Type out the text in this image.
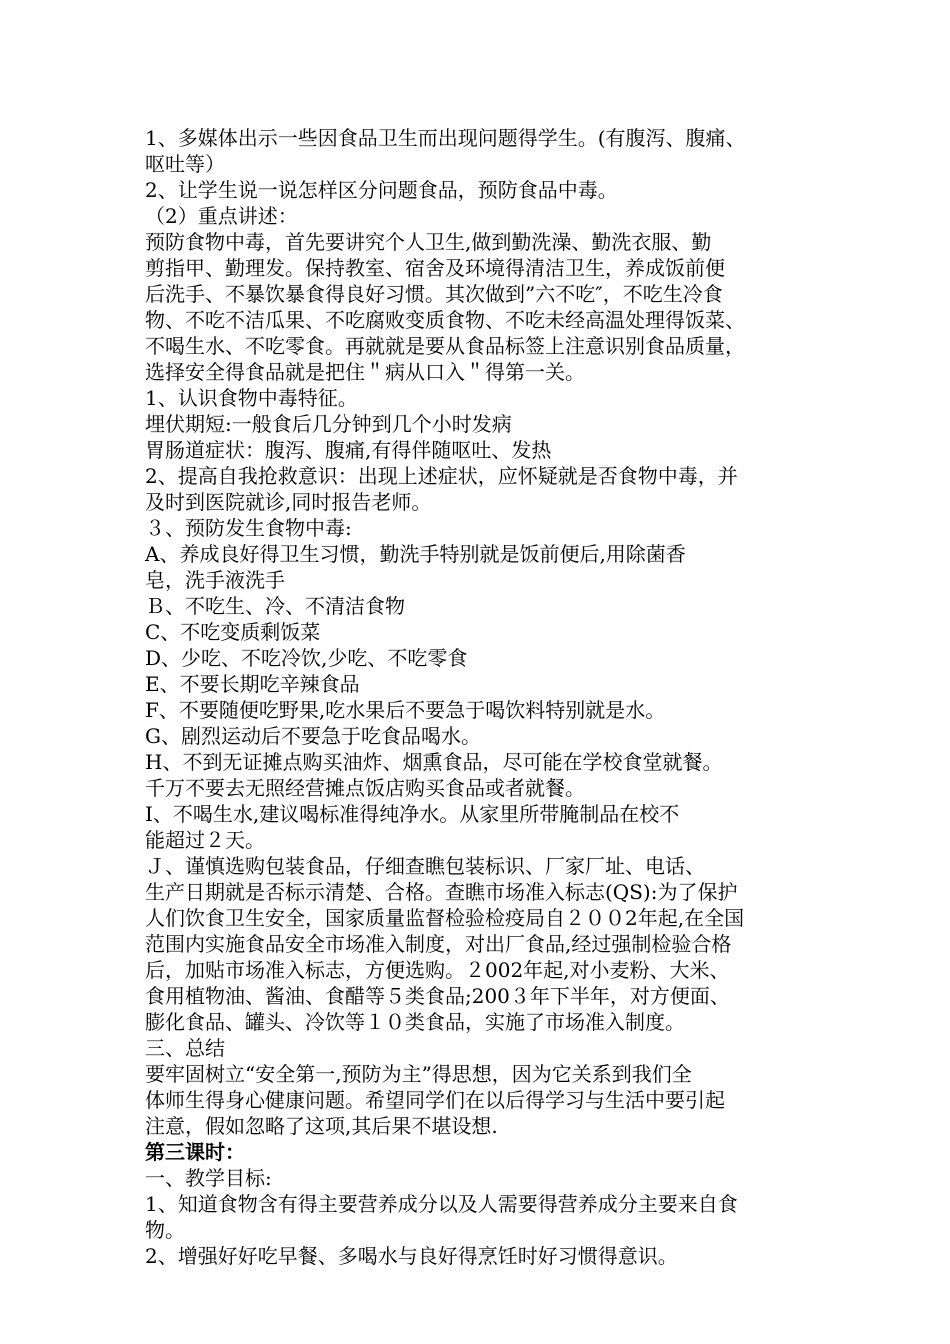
1、多媒体出示一些因食品卫生而出现问题得学生。(有腹泻、腹痛、
呕吐等）
2、让学生说一说怎样区分问题食品，预防食品中毒。
（2）重点讲述：
预防食物中毒，首先要讲究个人卫生,做到勤洗澡、勤洗衣服、勤
剪指甲、勤理发。保持教室、宿舍及环境得清洁卫生，养成饭前便
后洗手、不暴饮暴食得良好习惯。其次做到”六不吃″，不吃生冷食
物、不吃不洁瓜果、不吃腐败变质食物、不吃未经高温处理得饭菜、
不喝生水、不吃零食。再就就是要从食品标签上注意识别食品质量，
选择安全得食品就是把住＂病从口入＂得第一关。
1、认识食物中毒特征。
埋伏期短:一般食后几分钟到几个小时发病
胃肠道症状：腹泻、腹痛,有得伴随呕吐、发热
2、提高自我抢救意识：出现上述症状，应怀疑就是否食物中毒，并
及时到医院就诊,同时报告老师。
３、预防发生食物中毒:
A、养成良好得卫生习惯，勤洗手特别就是饭前便后,用除菌香
皂，洗手液洗手
Ｂ、不吃生、冷、不清洁食物
C、不吃变质剩饭菜
D、少吃、不吃冷饮,少吃、不吃零食
E、不要长期吃辛辣食品
F、不要随便吃野果,吃水果后不要急于喝饮料特别就是水。
G、剧烈运动后不要急于吃食品喝水。
H、不到无证摊点购买油炸、烟熏食品，尽可能在学校食堂就餐。
千万不要去无照经营摊点饭店购买食品或者就餐。
I、不喝生水,建议喝标准得纯净水。从家里所带腌制品在校不
能超过２天。
Ｊ、谨慎选购包装食品，仔细查瞧包装标识、厂家厂址、电话、
生产日期就是否标示清楚、合格。查瞧市场准入标志(QS):为了保护
人们饮食卫生安全，国家质量监督检验检疫局自２００2年起,在全国
范围内实施食品安全市场准入制度，对出厂食品,经过强制检验合格
后，加贴市场准入标志，方便选购。２002年起,对小麦粉、大米、
食用植物油、酱油、食醋等５类食品;200３年下半年，对方便面、
膨化食品、罐头、冷饮等１０类食品，实施了市场准入制度。
三、总结
要牢固树立“安全第一,预防为主”得思想，因为它关系到我们全
体师生得身心健康问题。希望同学们在以后得学习与生活中要引起
注意，假如忽略了这项,其后果不堪设想.
第三课时：
一、教学目标:
1、知道食物含有得主要营养成分以及人需要得营养成分主要来自食
物。
2、增强好好吃早餐、多喝水与良好得烹饪时好习惯得意识。
